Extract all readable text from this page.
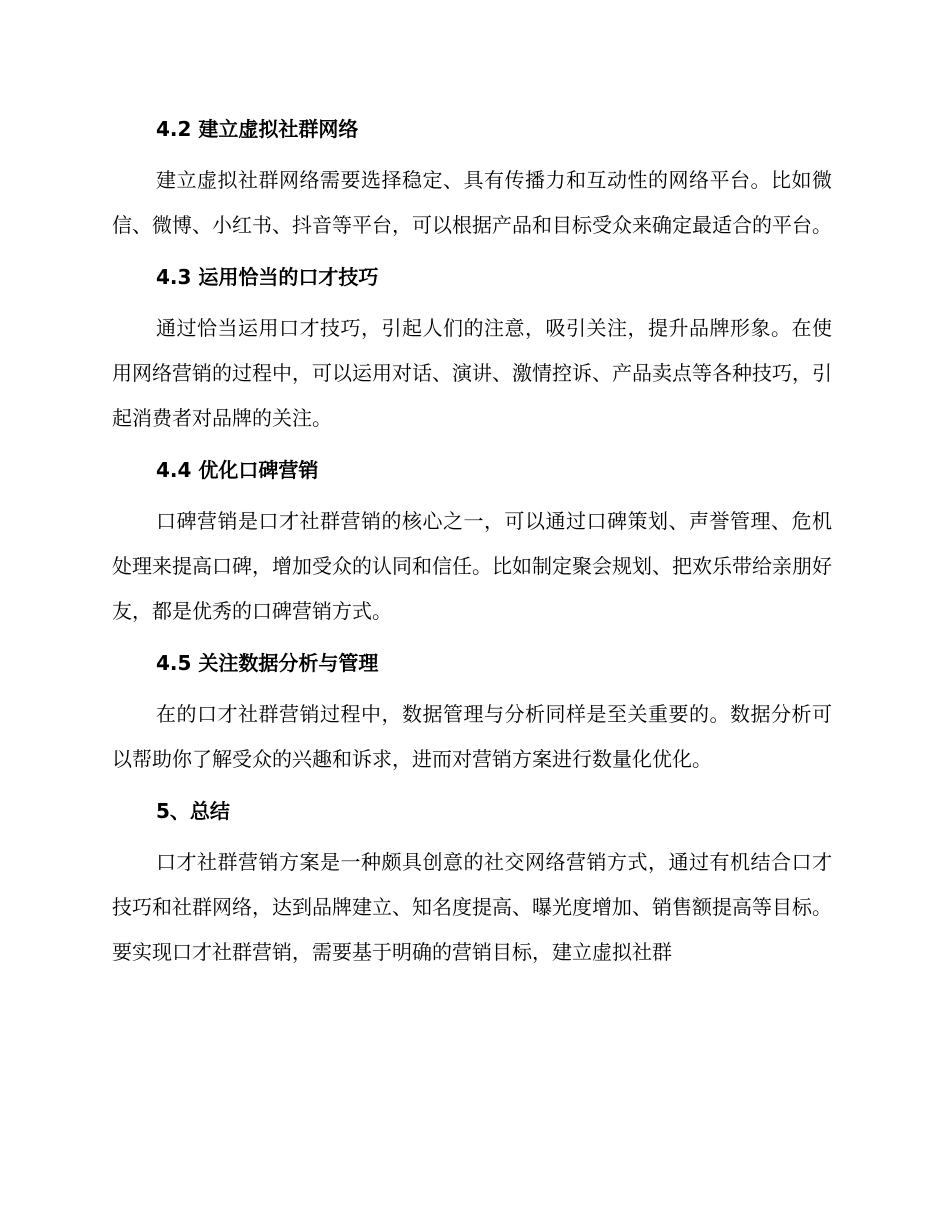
4.2 建立虚拟社群网络

建立虚拟社群网络需要选择稳定、具有传播力和互动性的网络平台。比如微信、微博、小红书、抖音等平台，可以根据产品和目标受众来确定最适合的平台。

4.3 运用恰当的口才技巧

通过恰当运用口才技巧，引起人们的注意，吸引关注，提升品牌形象。在使用网络营销的过程中，可以运用对话、演讲、激情控诉、产品卖点等各种技巧，引起消费者对品牌的关注。

4.4 优化口碑营销

口碑营销是口才社群营销的核心之一，可以通过口碑策划、声誉管理、危机处理来提高口碑，增加受众的认同和信任。比如制定聚会规划、把欢乐带给亲朋好友，都是优秀的口碑营销方式。

4.5 关注数据分析与管理

在的口才社群营销过程中，数据管理与分析同样是至关重要的。数据分析可以帮助你了解受众的兴趣和诉求，进而对营销方案进行数量化优化。

5、总结

口才社群营销方案是一种颇具创意的社交网络营销方式，通过有机结合口才技巧和社群网络，达到品牌建立、知名度提高、曝光度增加、销售额提高等目标。要实现口才社群营销，需要基于明确的营销目标，建立虚拟社群
